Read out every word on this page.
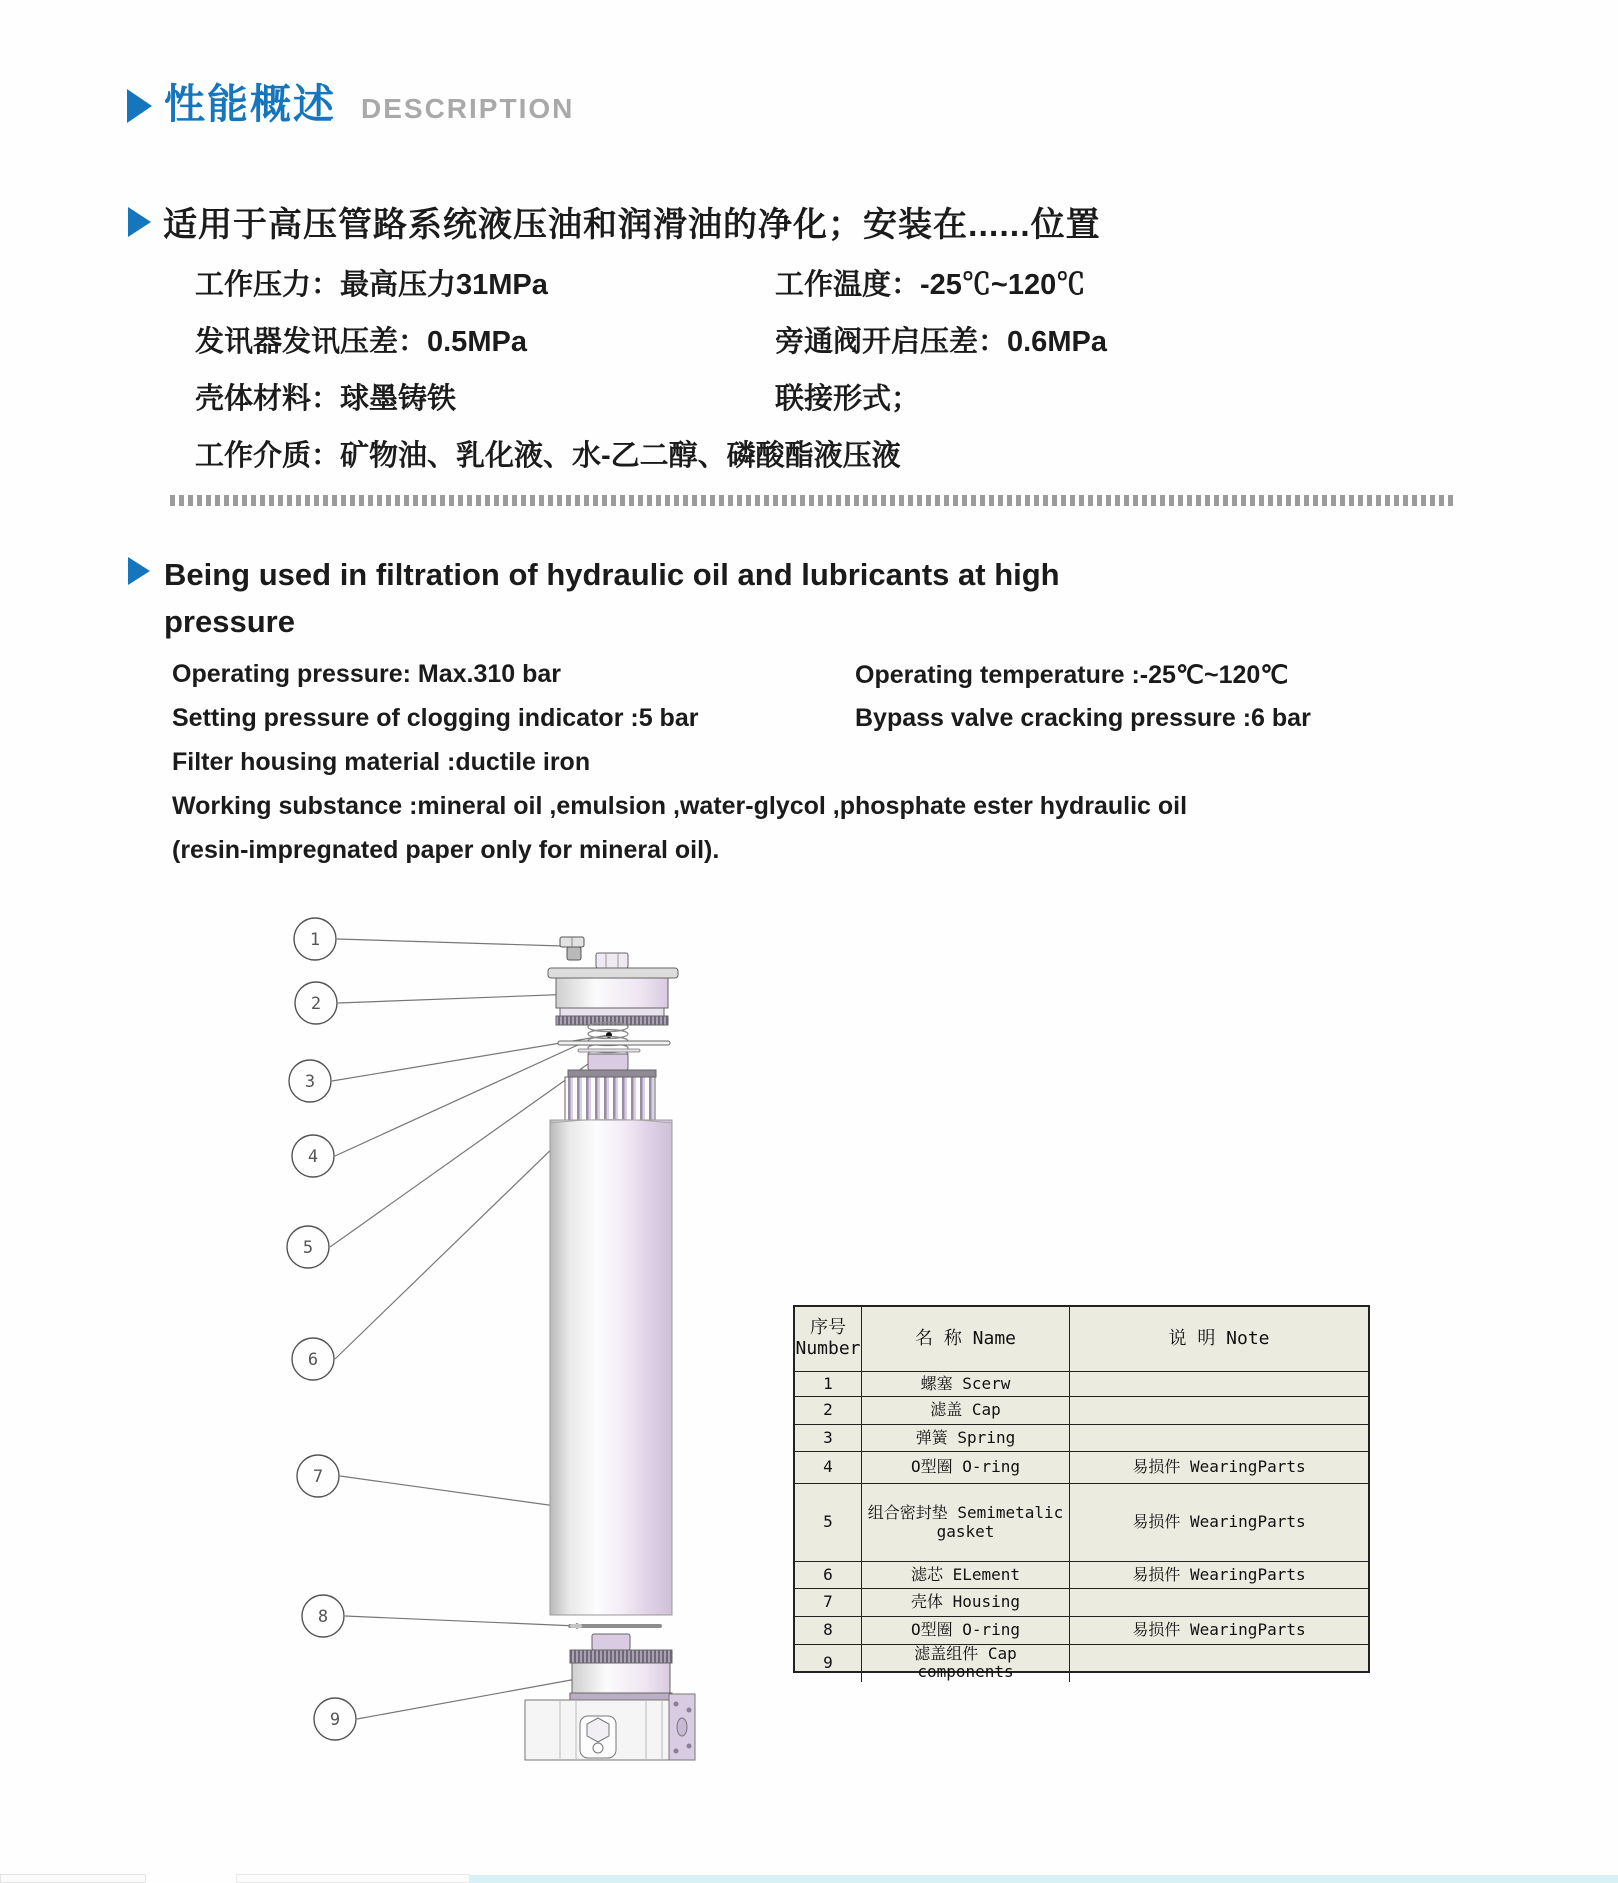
性能概述 DESCRIPTION
适用于高压管路系统液压油和润滑油的净化；安装在......位置
工作压力：最高压力31MPa	工作温度：-25℃~120℃
发讯器发讯压差：0.5MPa	旁通阀开启压差：0.6MPa
壳体材料：球墨铸铁	联接形式；
工作介质：矿物油、乳化液、水-乙二醇、磷酸酯液压液
Being used in filtration of hydraulic oil and lubricants at high
pressure
Operating pressure: Max.310 bar	Operating temperature :-25℃~120℃
Setting pressure of clogging indicator :5 bar	Bypass valve cracking pressure :6 bar
Filter housing material :ductile iron
Working substance :mineral oil ,emulsion ,water-glycol ,phosphate ester hydraulic oil
(resin-impregnated paper only for mineral oil).
1
2
3
4
5
6
7
8
9
序号
Number	名 称 Name	说 明 Note
1	螺塞 Scerw
2	滤盖 Cap
3	弹簧 Spring
4	O型圈 O-ring	易损件 WearingParts
5	组合密封垫 Semimetalic gasket	易损件 WearingParts
6	滤芯 ELement	易损件 WearingParts
7	壳体 Housing
8	O型圈 O-ring	易损件 WearingParts
9	滤盖组件 Cap components
